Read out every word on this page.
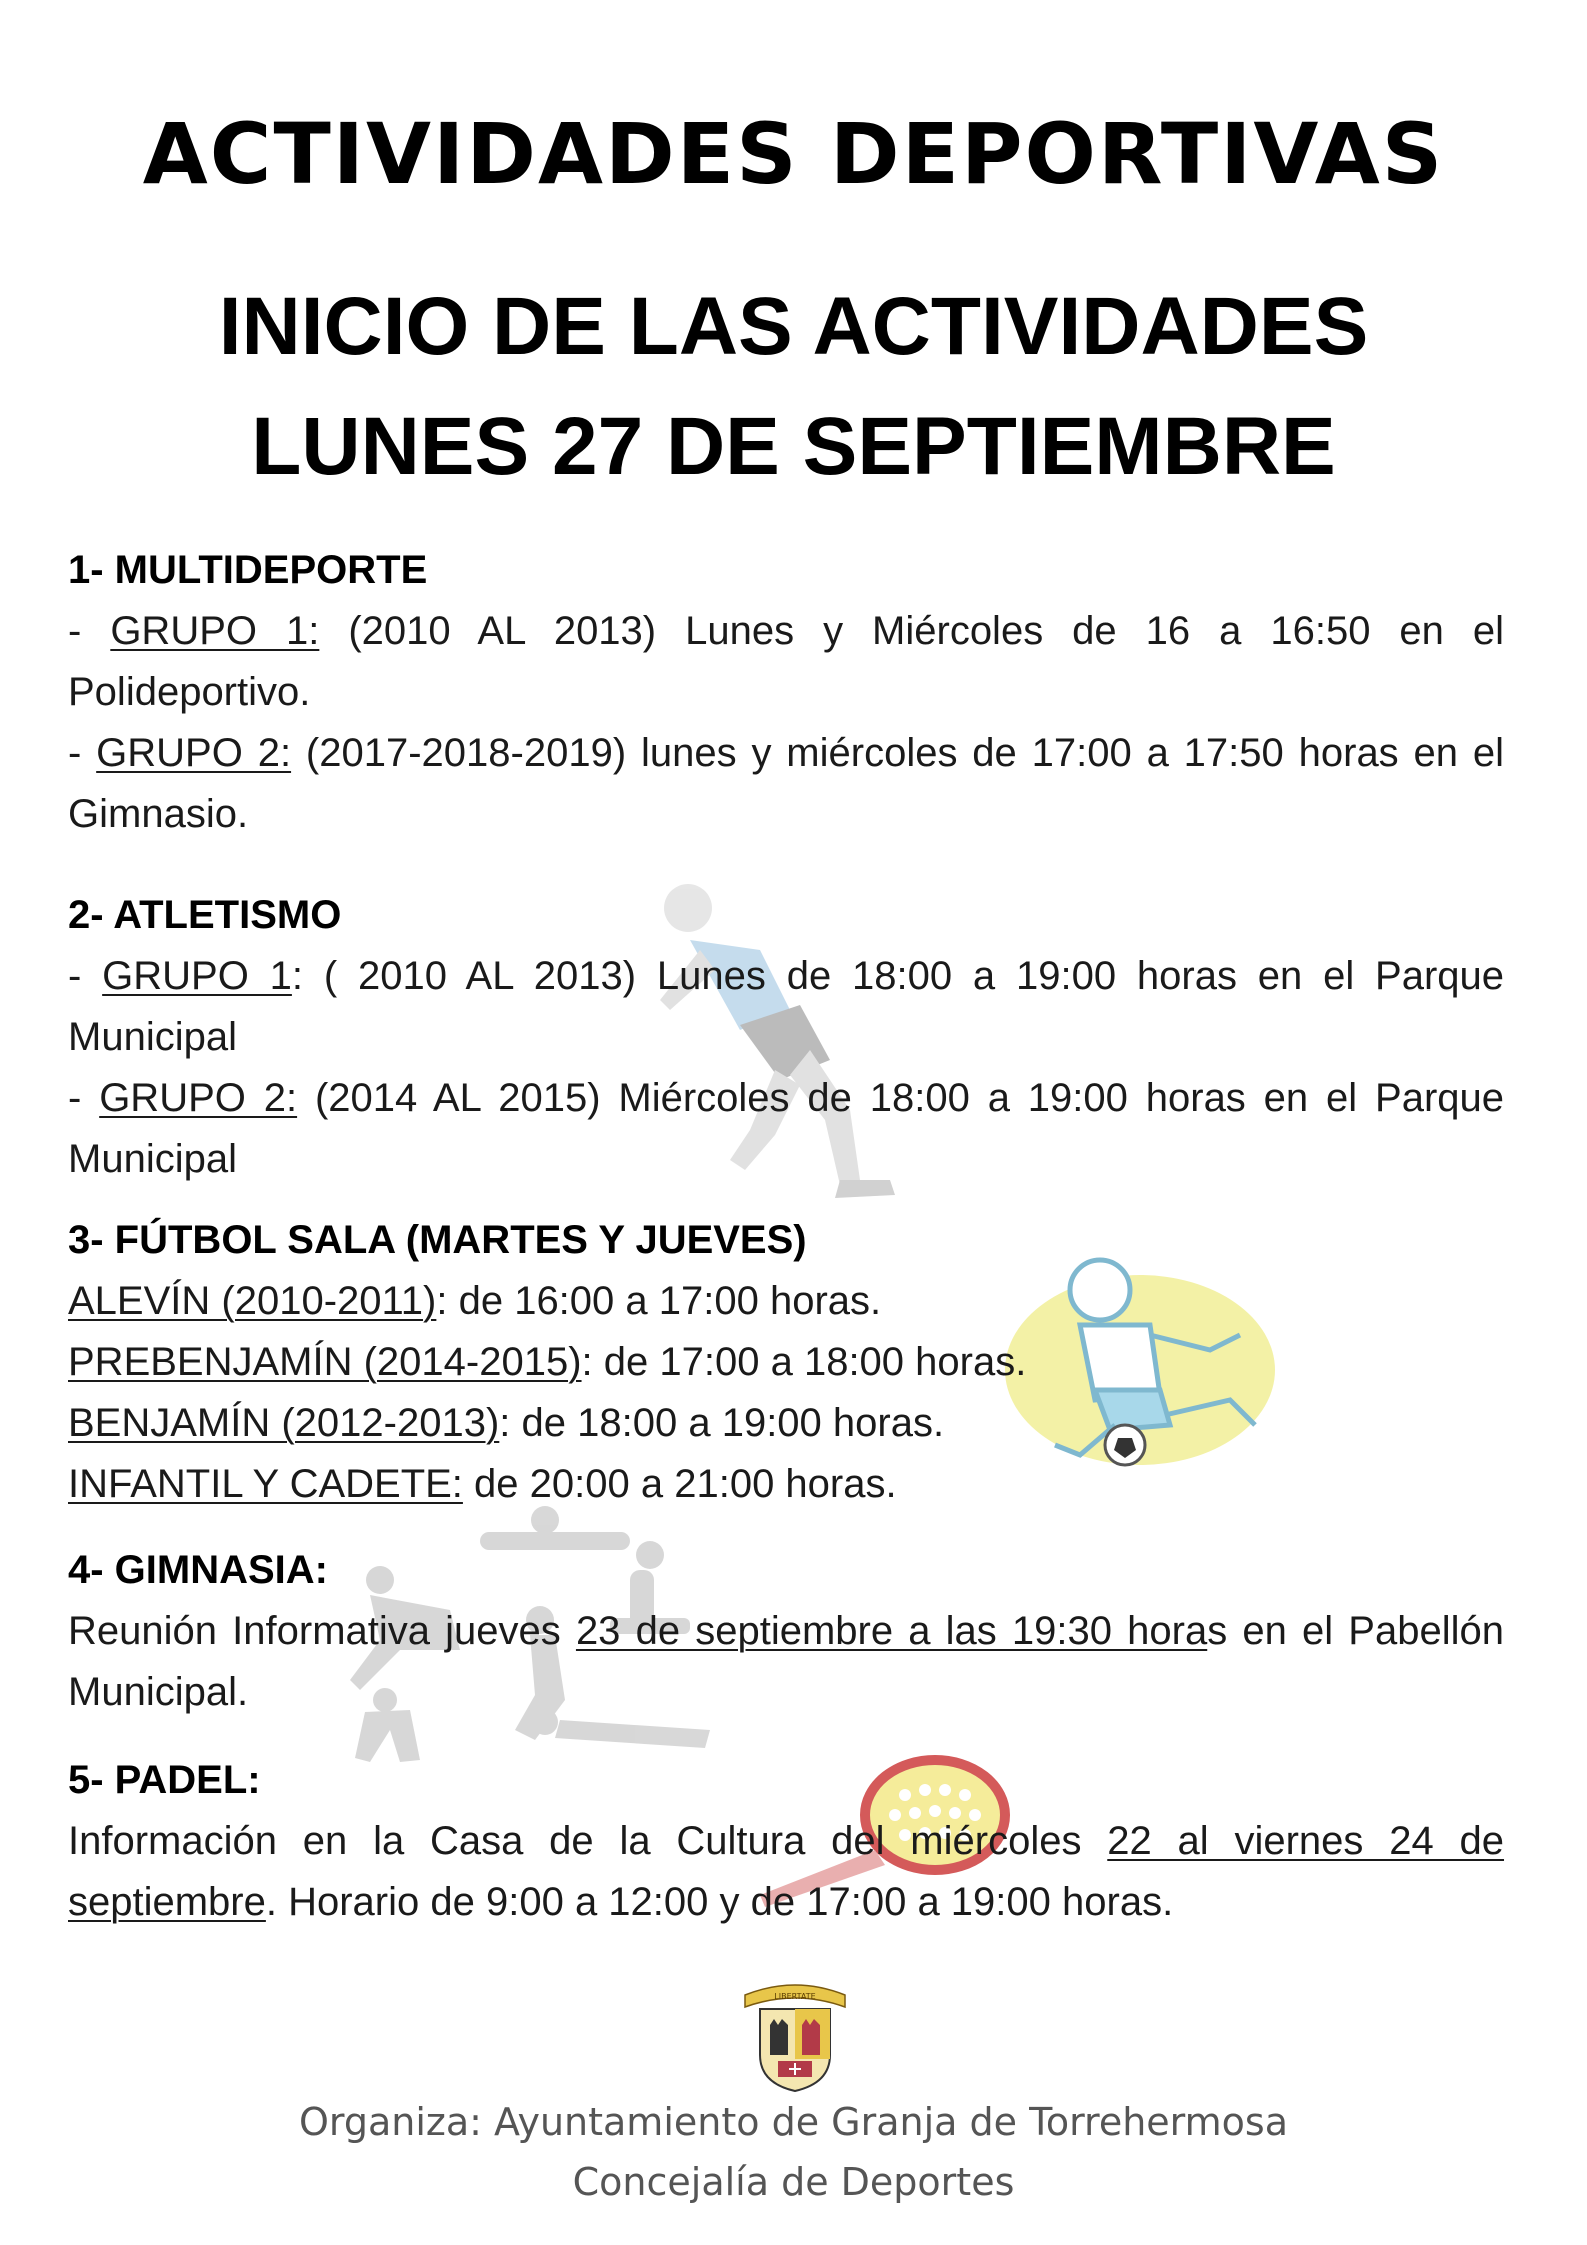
ACTIVIDADES DEPORTIVAS
INICIO DE LAS ACTIVIDADES
LUNES 27 DE SEPTIEMBRE
1- MULTIDEPORTE
- GRUPO 1: (2010 AL 2013) Lunes y Miércoles de 16 a 16:50 en el Polideportivo.
- GRUPO 2: (2017-2018-2019) lunes y miércoles de 17:00 a 17:50 horas en el Gimnasio.
2- ATLETISMO
- GRUPO 1: ( 2010 AL 2013) Lunes de 18:00 a 19:00 horas en el Parque Municipal
- GRUPO 2: (2014 AL 2015) Miércoles de 18:00 a 19:00 horas en el Parque Municipal
3- FÚTBOL SALA (MARTES Y JUEVES)
ALEVÍN (2010-2011): de 16:00 a 17:00 horas.
PREBENJAMÍN (2014-2015): de 17:00 a 18:00 horas.
BENJAMÍN (2012-2013): de 18:00 a 19:00 horas.
INFANTIL Y CADETE: de 20:00 a 21:00 horas.
4- GIMNASIA:
Reunión Informativa jueves 23 de septiembre a las 19:30 horas en el Pabellón Municipal.
5- PADEL:
Información en la Casa de la Cultura del miércoles 22 al viernes 24 de septiembre. Horario de 9:00 a 12:00 y de 17:00 a 19:00 horas.
LIBERTATE
Organiza: Ayuntamiento de Granja de Torrehermosa
Concejalía de Deportes
